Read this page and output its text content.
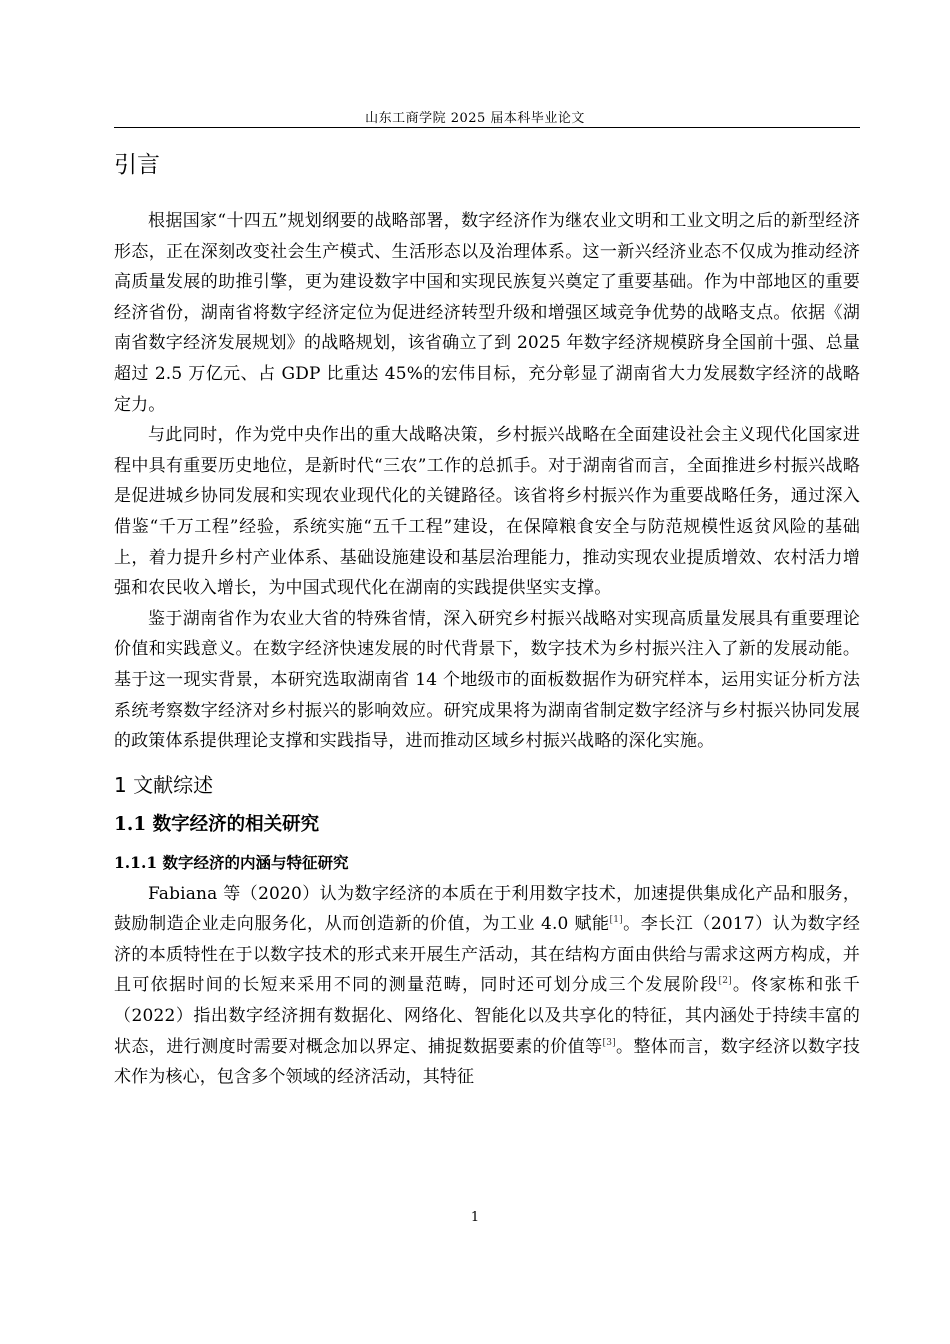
山东工商学院 2025 届本科毕业论文
引言

根据国家“十四五”规划纲要的战略部署，数字经济作为继农业文明和工业文明之后的新型经济形态，正在深刻改变社会生产模式、生活形态以及治理体系。这一新兴经济业态不仅成为推动经济高质量发展的助推引擎，更为建设数字中国和实现民族复兴奠定了重要基础。作为中部地区的重要经济省份，湖南省将数字经济定位为促进经济转型升级和增强区域竞争优势的战略支点。依据《湖南省数字经济发展规划》的战略规划，该省确立了到 2025 年数字经济规模跻身全国前十强、总量超过 2.5 万亿元、占 GDP 比重达 45%的宏伟目标，充分彰显了湖南省大力发展数字经济的战略定力。

与此同时，作为党中央作出的重大战略决策，乡村振兴战略在全面建设社会主义现代化国家进程中具有重要历史地位，是新时代“三农”工作的总抓手。对于湖南省而言，全面推进乡村振兴战略是促进城乡协同发展和实现农业现代化的关键路径。该省将乡村振兴作为重要战略任务，通过深入借鉴“千万工程”经验，系统实施“五千工程”建设，在保障粮食安全与防范规模性返贫风险的基础上，着力提升乡村产业体系、基础设施建设和基层治理能力，推动实现农业提质增效、农村活力增强和农民收入增长，为中国式现代化在湖南的实践提供坚实支撑。

鉴于湖南省作为农业大省的特殊省情，深入研究乡村振兴战略对实现高质量发展具有重要理论价值和实践意义。在数字经济快速发展的时代背景下，数字技术为乡村振兴注入了新的发展动能。基于这一现实背景，本研究选取湖南省 14 个地级市的面板数据作为研究样本，运用实证分析方法系统考察数字经济对乡村振兴的影响效应。研究成果将为湖南省制定数字经济与乡村振兴协同发展的政策体系提供理论支撑和实践指导，进而推动区域乡村振兴战略的深化实施。

1 文献综述
1.1 数字经济的相关研究
1.1.1 数字经济的内涵与特征研究

Fabiana 等（2020）认为数字经济的本质在于利用数字技术，加速提供集成化产品和服务，鼓励制造企业走向服务化，从而创造新的价值，为工业 4.0 赋能[1]。李长江（2017）认为数字经济的本质特性在于以数字技术的形式来开展生产活动，其在结构方面由供给与需求这两方构成，并且可依据时间的长短来采用不同的测量范畴，同时还可划分成三个发展阶段[2]。佟家栋和张千（2022）指出数字经济拥有数据化、网络化、智能化以及共享化的特征，其内涵处于持续丰富的状态，进行测度时需要对概念加以界定、捕捉数据要素的价值等[3]。整体而言，数字经济以数字技术作为核心，包含多个领域的经济活动，其特征

1
